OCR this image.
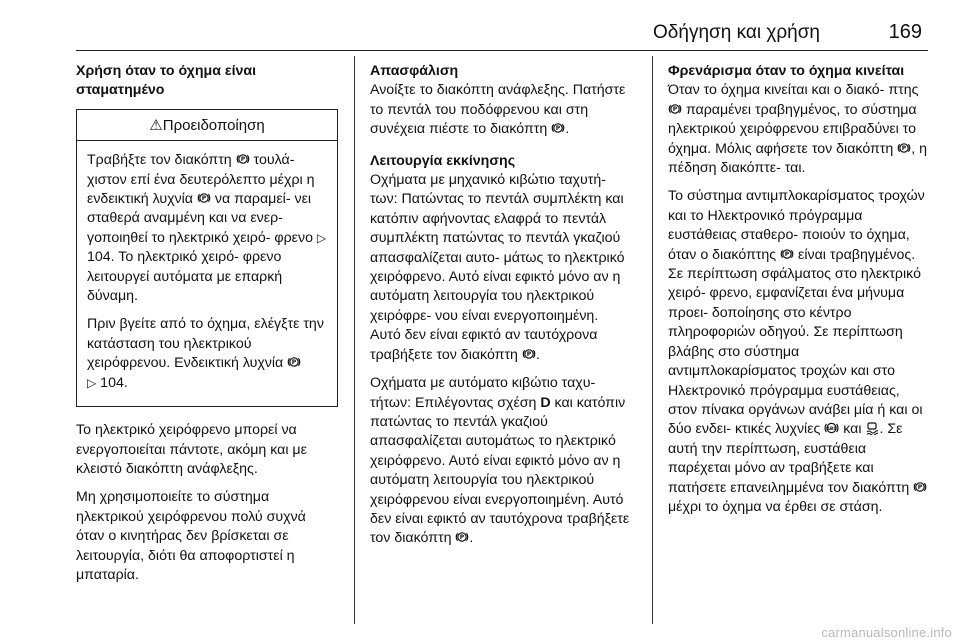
Οδήγηση και χρήση	169
Χρήση όταν το όχημα είναι σταματημένο
⚠Προειδοποίηση

Τραβήξτε τον διακόπτη  τουλά- χιστον επί ένα δευτερόλεπτο μέχρι η ενδεικτική λυχνία  να παραμεί- νει σταθερά αναμμένη και να ενερ- γοποιηθεί το ηλεκτρικό χειρό- φρενο ▷ 104. Το ηλεκτρικό χειρό- φρενο λειτουργεί αυτόματα με επαρκή δύναμη.

Πριν βγείτε από το όχημα, ελέγξτε την κατάσταση του ηλεκτρικού χειρόφρενου. Ενδεικτική λυχνία
▷ 104.

Το ηλεκτρικό χειρόφρενο μπορεί να ενεργοποιείται πάντοτε, ακόμη και με κλειστό διακόπτη ανάφλεξης.

Μη χρησιμοποιείτε το σύστημα ηλεκτρικού χειρόφρενου πολύ συχνά όταν ο κινητήρας δεν βρίσκεται σε λειτουργία, διότι θα αποφορτιστεί η μπαταρία.

Απασφάλιση

Ανοίξτε το διακόπτη ανάφλεξης. Πατήστε το πεντάλ του ποδόφρενου και στη συνέχεια πιέστε το διακόπτη .

Λειτουργία εκκίνησης

Οχήματα με μηχανικό κιβώτιο ταχυτή- των: Πατώντας το πεντάλ συμπλέκτη και κατόπιν αφήνοντας ελαφρά το πεντάλ συμπλέκτη πατώντας το πεντάλ γκαζιού απασφαλίζεται αυτο- μάτως το ηλεκτρικό χειρόφρενο. Αυτό είναι εφικτό μόνο αν η αυτόματη λειτουργία του ηλεκτρικού χειρόφρε- νου είναι ενεργοποιημένη. Αυτό δεν είναι εφικτό αν ταυτόχρονα τραβήξετε τον διακόπτη .

Οχήματα με αυτόματο κιβώτιο ταχυ- τήτων: Επιλέγοντας σχέση D και κατόπιν πατώντας το πεντάλ γκαζιού απασφαλίζεται αυτομάτως το ηλεκτρικό χειρόφρενο. Αυτό είναι εφικτό μόνο αν η αυτόματη λειτουργία του ηλεκτρικού χειρόφρενου είναι ενεργοποιημένη. Αυτό δεν είναι εφικτό αν ταυτόχρονα τραβήξετε τον διακόπτη .

Φρενάρισμα όταν το όχημα κινείται

Όταν το όχημα κινείται και ο διακό- πτης  παραμένει τραβηγμένος, το σύστημα ηλεκτρικού χειρόφρενου επιβραδύνει το όχημα. Μόλις αφήσετε τον διακόπτη , η πέδηση διακόπτε- ται.

Το σύστημα αντιμπλοκαρίσματος τροχών και το Ηλεκτρονικό πρόγραμμα ευστάθειας σταθερο- ποιούν το όχημα, όταν ο διακόπτης  είναι τραβηγμένος. Σε περίπτωση σφάλματος στο ηλεκτρικό χειρό- φρενο, εμφανίζεται ένα μήνυμα προει- δοποίησης στο κέντρο πληροφοριών οδηγού. Σε περίπτωση βλάβης στο σύστημα αντιμπλοκαρίσματος τροχών και στο Ηλεκτρονικό πρόγραμμα ευστάθειας, στον πίνακα οργάνων ανάβει μία ή και οι δύο ενδει- κτικές λυχνίες ABS και . Σε αυτή την περίπτωση, ευστάθεια παρέχεται μόνο αν τραβήξετε και πατήσετε επανειλημμένα τον διακόπτη  μέχρι το όχημα να έρθει σε στάση.

carmanualsonline.info
